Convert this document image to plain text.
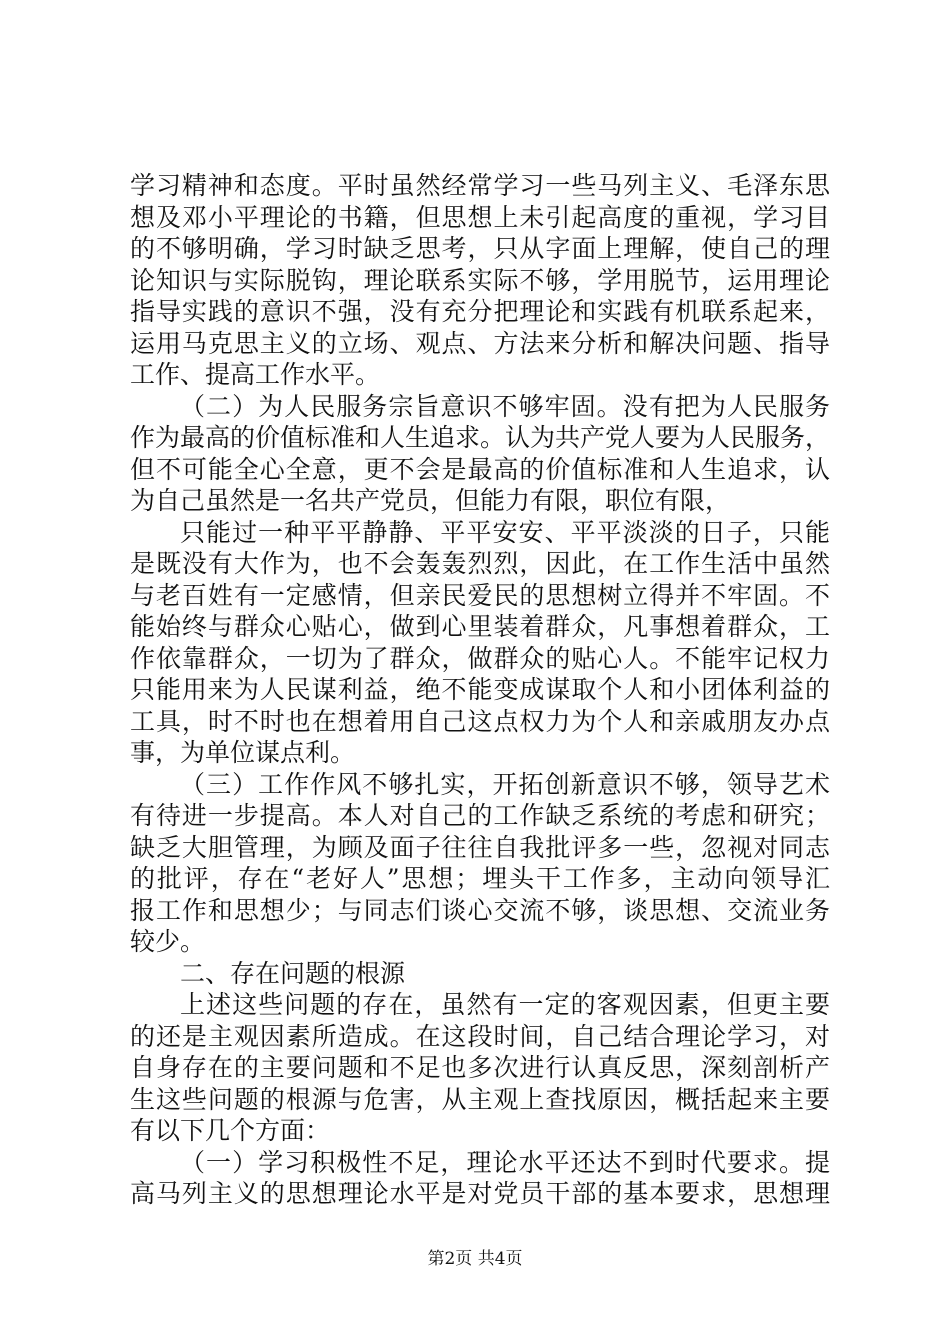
学习精神和态度。平时虽然经常学习一些马列主义、毛泽东思
想及邓小平理论的书籍，但思想上未引起高度的重视，学习目
的不够明确，学习时缺乏思考，只从字面上理解，使自己的理
论知识与实际脱钩，理论联系实际不够，学用脱节，运用理论
指导实践的意识不强，没有充分把理论和实践有机联系起来，
运用马克思主义的立场、观点、方法来分析和解决问题、指导
工作、提高工作水平。
（二）为人民服务宗旨意识不够牢固。没有把为人民服务
作为最高的价值标准和人生追求。认为共产党人要为人民服务，
但不可能全心全意，更不会是最高的价值标准和人生追求，认
为自己虽然是一名共产党员，但能力有限，职位有限，
只能过一种平平静静、平平安安、平平淡淡的日子，只能
是既没有大作为，也不会轰轰烈烈，因此，在工作生活中虽然
与老百姓有一定感情，但亲民爱民的思想树立得并不牢固。不
能始终与群众心贴心，做到心里装着群众，凡事想着群众，工
作依靠群众，一切为了群众，做群众的贴心人。不能牢记权力
只能用来为人民谋利益，绝不能变成谋取个人和小团体利益的
工具，时不时也在想着用自己这点权力为个人和亲戚朋友办点
事，为单位谋点利。
（三）工作作风不够扎实，开拓创新意识不够，领导艺术
有待进一步提高。本人对自己的工作缺乏系统的考虑和研究；
缺乏大胆管理，为顾及面子往往自我批评多一些，忽视对同志
的批评，存在“老好人”思想；埋头干工作多，主动向领导汇
报工作和思想少；与同志们谈心交流不够，谈思想、交流业务
较少。
二、存在问题的根源
上述这些问题的存在，虽然有一定的客观因素，但更主要
的还是主观因素所造成。在这段时间，自己结合理论学习，对
自身存在的主要问题和不足也多次进行认真反思，深刻剖析产
生这些问题的根源与危害，从主观上查找原因，概括起来主要
有以下几个方面：
（一）学习积极性不足，理论水平还达不到时代要求。提
高马列主义的思想理论水平是对党员干部的基本要求，思想理
第2页 共4页
